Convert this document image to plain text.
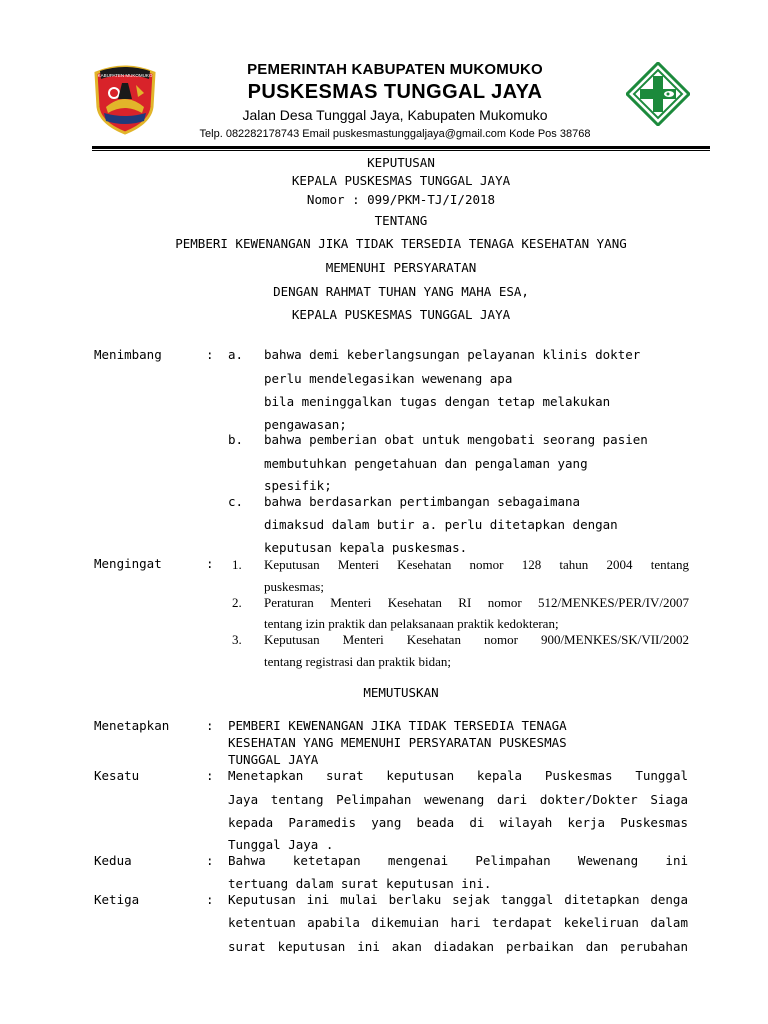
KABUPATEN MUKOMUKO	PEMERINTAH KABUPATEN MUKOMUKO
PUSKESMAS TUNGGAL JAYA
Jalan Desa Tunggal Jaya, Kabupaten Mukomuko
Telp. 082282178743 Email puskesmastunggaljaya@gmail.com Kode Pos 38768
KEPUTUSAN
KEPALA PUSKESMAS TUNGGAL JAYA
Nomor : 099/PKM-TJ/I/2018
TENTANG
PEMBERI KEWENANGAN JIKA TIDAK TERSEDIA TENAGA KESEHATAN YANG
MEMENUHI PERSYARATAN
DENGAN RAHMAT TUHAN YANG MAHA ESA,
KEPALA PUSKESMAS TUNGGAL JAYA
Menimbang	: a. bahwa demi keberlangsungan pelayanan klinis dokter
perlu mendelegasikan wewenang apa
bila meninggalkan tugas dengan tetap melakukan
pengawasan;
b. bahwa pemberian obat untuk mengobati seorang pasien
membutuhkan pengetahuan dan pengalaman yang
spesifik;
c. bahwa berdasarkan pertimbangan sebagaimana
dimaksud dalam butir a. perlu ditetapkan dengan
keputusan kepala puskesmas.
Mengingat	: 1. Keputusan Menteri Kesehatan nomor 128 tahun 2004 tentang
puskesmas;
2. Peraturan Menteri Kesehatan RI nomor 512/MENKES/PER/IV/2007
tentang izin praktik dan pelaksanaan praktik kedokteran;
3. Keputusan Menteri Kesehatan nomor 900/MENKES/SK/VII/2002
tentang registrasi dan praktik bidan;
MEMUTUSKAN
Menetapkan	: PEMBERI KEWENANGAN JIKA TIDAK TERSEDIA TENAGA
KESEHATAN YANG MEMENUHI PERSYARATAN PUSKESMAS
TUNGGAL JAYA
Kesatu	: Menetapkan surat keputusan kepala Puskesmas Tunggal
Jaya tentang Pelimpahan wewenang dari dokter/Dokter Siaga
kepada Paramedis yang beada di wilayah kerja Puskesmas
Tunggal Jaya .
Kedua	: Bahwa ketetapan mengenai Pelimpahan Wewenang ini
tertuang dalam surat keputusan ini.
Ketiga	: Keputusan ini mulai berlaku sejak tanggal ditetapkan denga
ketentuan apabila dikemuian hari terdapat kekeliruan dalam
surat keputusan ini akan diadakan perbaikan dan perubahan
